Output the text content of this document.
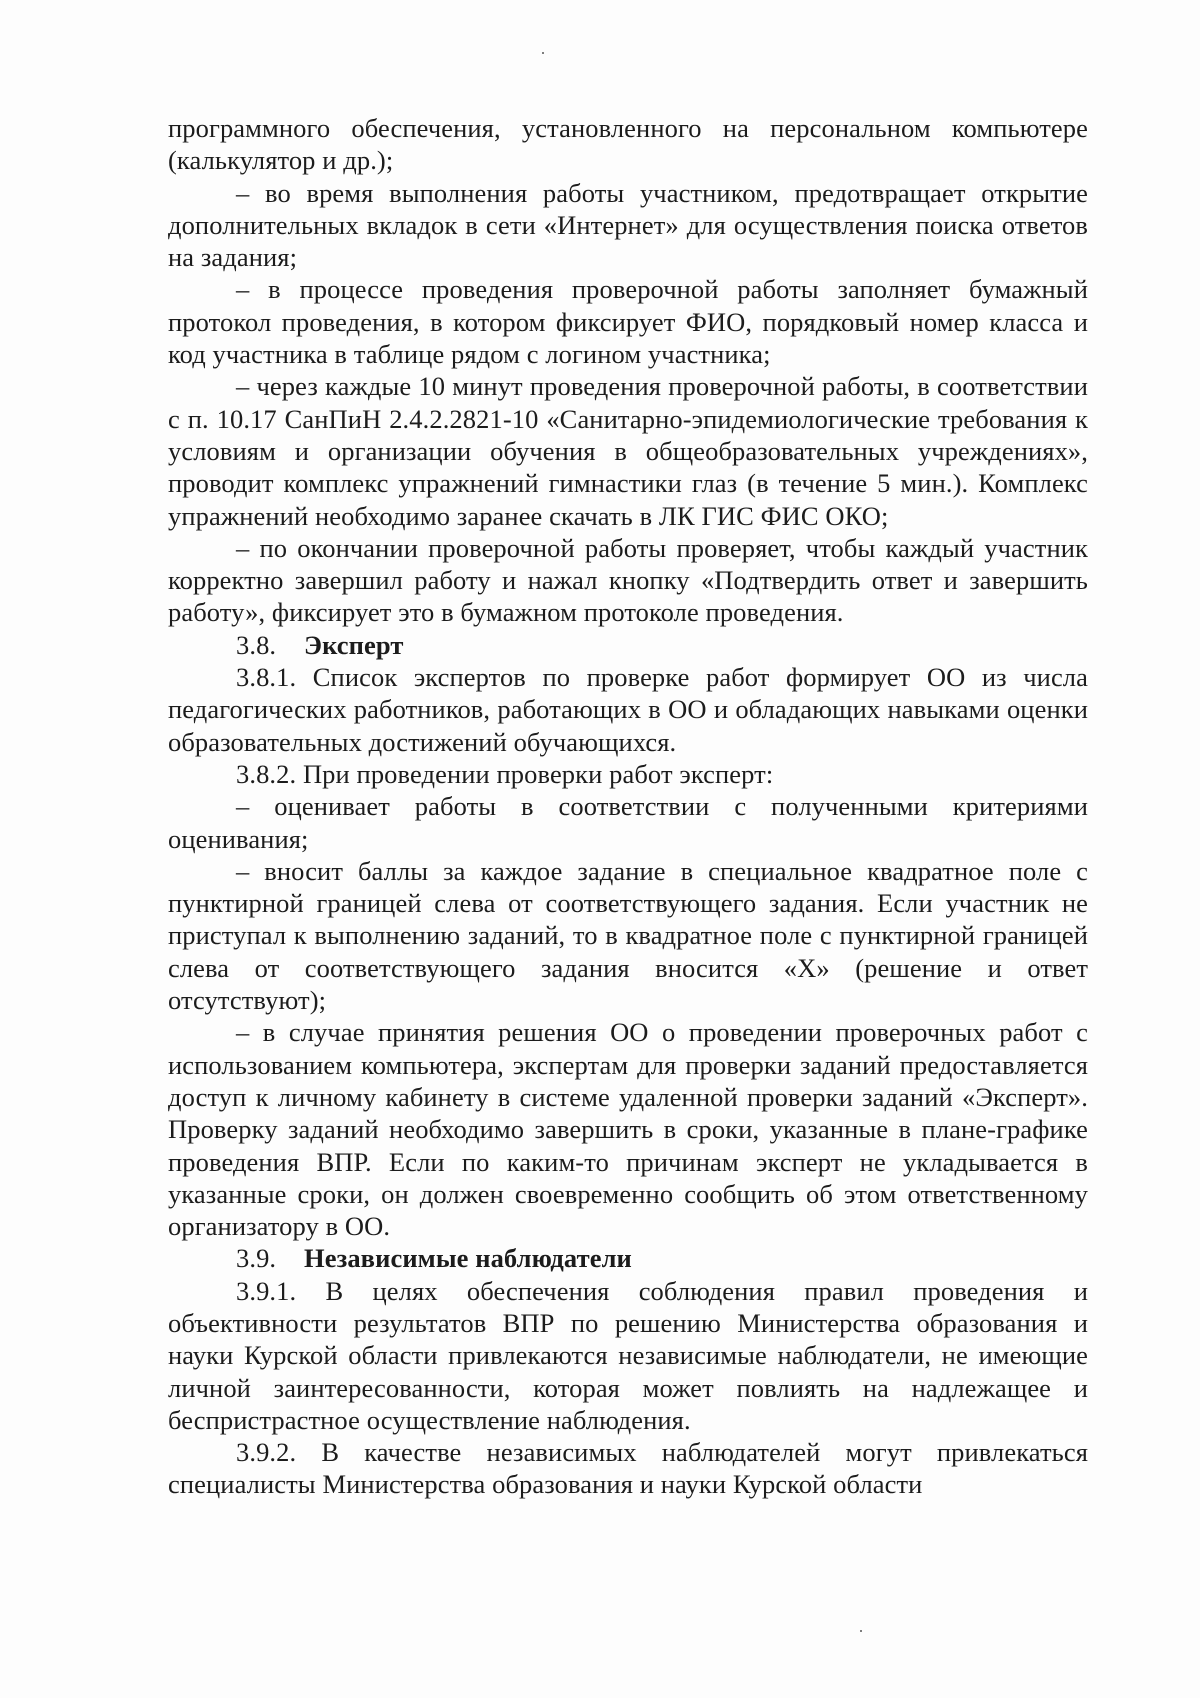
программного обеспечения, установленного на персональном компьютере (калькулятор и др.);

– во время выполнения работы участником, предотвращает открытие дополнительных вкладок в сети «Интернет» для осуществления поиска ответов на задания;

– в процессе проведения проверочной работы заполняет бумажный протокол проведения, в котором фиксирует ФИО, порядковый номер класса и код участника в таблице рядом с логином участника;

– через каждые 10 минут проведения проверочной работы, в соответствии с п. 10.17 СанПиН 2.4.2.2821-10 «Санитарно-эпидемиологические требования к условиям и организации обучения в общеобразовательных учреждениях», проводит комплекс упражнений гимнастики глаз (в течение 5 мин.). Комплекс упражнений необходимо заранее скачать в ЛК ГИС ФИС ОКО;

– по окончании проверочной работы проверяет, чтобы каждый участник корректно завершил работу и нажал кнопку «Подтвердить ответ и завершить работу», фиксирует это в бумажном протоколе проведения.

3.8. Эксперт

3.8.1. Список экспертов по проверке работ формирует ОО из числа педагогических работников, работающих в ОО и обладающих навыками оценки образовательных достижений обучающихся.

3.8.2. При проведении проверки работ эксперт:

– оценивает работы в соответствии с полученными критериями оценивания;

– вносит баллы за каждое задание в специальное квадратное поле с пунктирной границей слева от соответствующего задания. Если участник не приступал к выполнению заданий, то в квадратное поле с пунктирной границей слева от соответствующего задания вносится «Х» (решение и ответ отсутствуют);

– в случае принятия решения ОО о проведении проверочных работ с использованием компьютера, экспертам для проверки заданий предоставляется доступ к личному кабинету в системе удаленной проверки заданий «Эксперт». Проверку заданий необходимо завершить в сроки, указанные в плане-графике проведения ВПР. Если по каким-то причинам эксперт не укладывается в указанные сроки, он должен своевременно сообщить об этом ответственному организатору в ОО.

3.9. Независимые наблюдатели

3.9.1. В целях обеспечения соблюдения правил проведения и объективности результатов ВПР по решению Министерства образования и науки Курской области привлекаются независимые наблюдатели, не имеющие личной заинтересованности, которая может повлиять на надлежащее и беспристрастное осуществление наблюдения.

3.9.2. В качестве независимых наблюдателей могут привлекаться специалисты Министерства образования и науки Курской области
